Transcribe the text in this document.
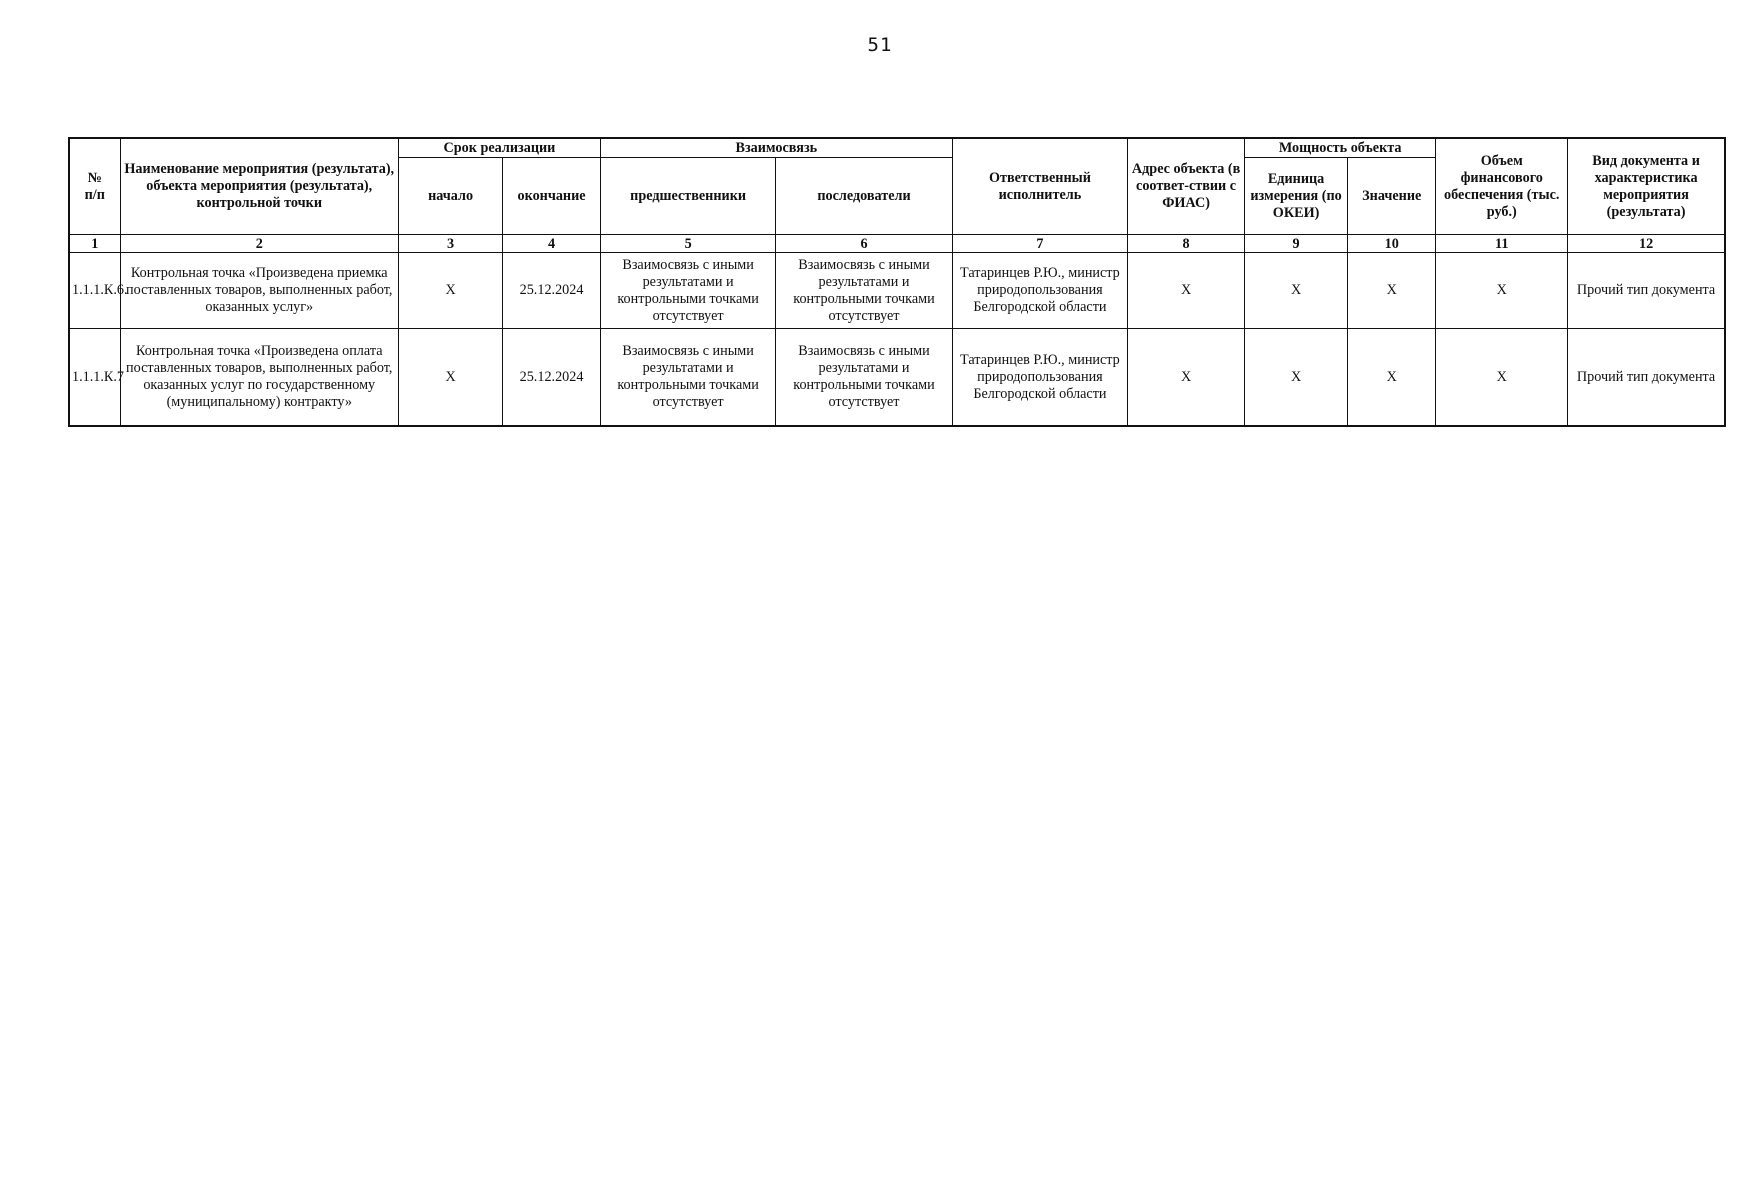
51
№
п/п	Наименование мероприятия (результата), объекта мероприятия (результата), контрольной точки	Срок реализации		Взаимосвязь		Ответственный исполнитель	Адрес объекта (в соответ-ствии с ФИАС)	Мощность объекта		Объем финансового обеспечения (тыс. руб.)	Вид документа и характеристика мероприятия (результата)
		начало	окончание	предшественники	последователи			Единица измерения (по ОКЕИ)	Значение		
1	2	3	4	5	6	7	8	9	10	11	12
1.1.1.К.6.	Контрольная точка «Произведена приемка поставленных товаров, выполненных работ, оказанных услуг»	X	25.12.2024	Взаимосвязь с иными результатами и контрольными точками отсутствует	Взаимосвязь с иными результатами и контрольными точками отсутствует	Татаринцев Р.Ю., министр природопользования Белгородской области	X	X	X	X	Прочий тип документа
1.1.1.К.7	Контрольная точка «Произведена оплата поставленных товаров, выполненных работ, оказанных услуг по государственному (муниципальному) контракту»	X	25.12.2024	Взаимосвязь с иными результатами и контрольными точками отсутствует	Взаимосвязь с иными результатами и контрольными точками отсутствует	Татаринцев Р.Ю., министр природопользования Белгородской области	X	X	X	X	Прочий тип документа
